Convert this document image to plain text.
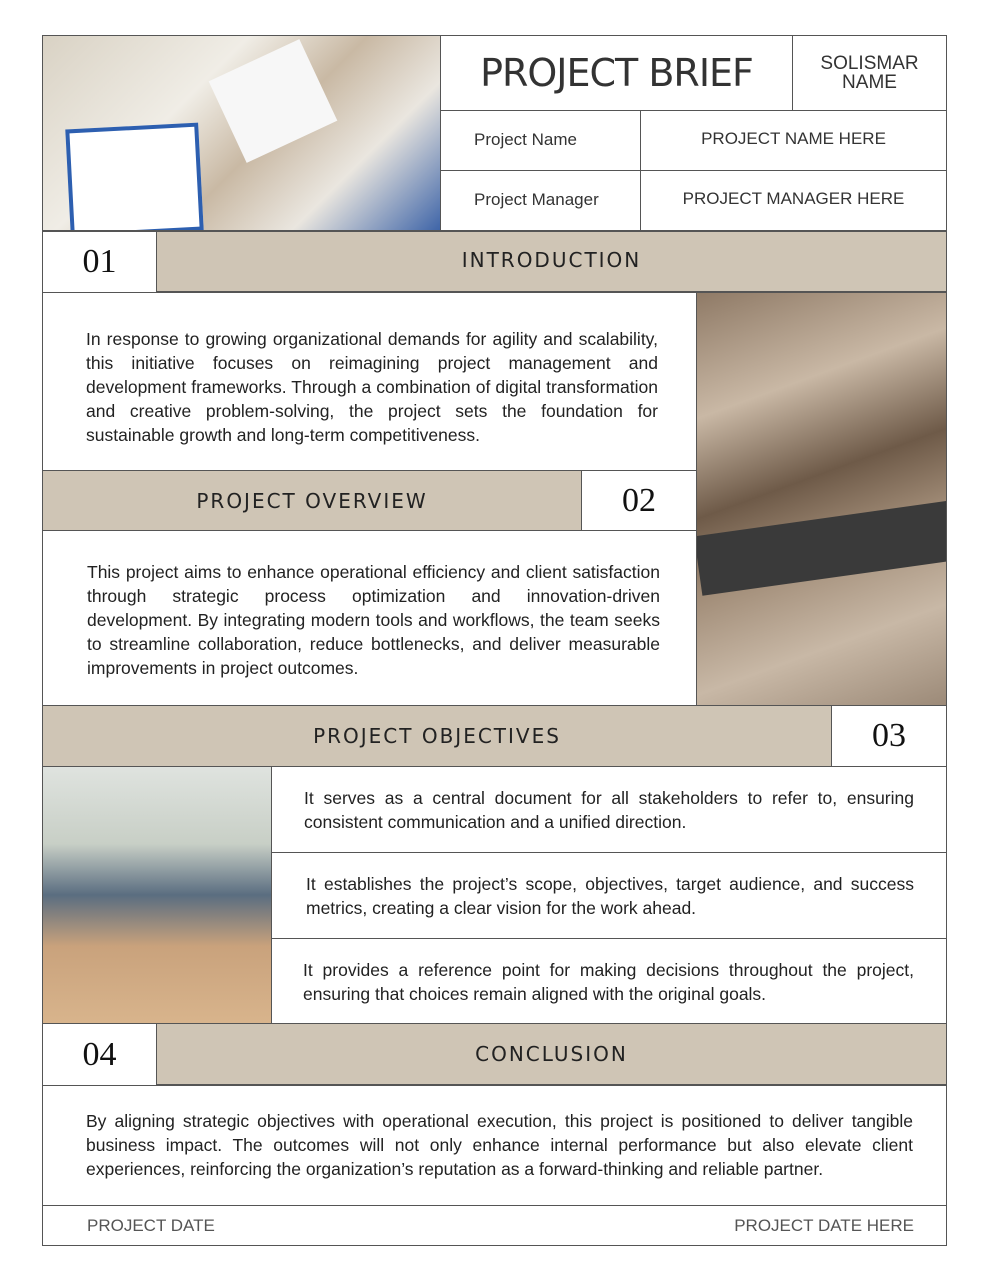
PROJECT BRIEF	SOLISMAR NAME
Project Name	PROJECT NAME HERE
Project Manager	PROJECT MANAGER HERE
01	INTRODUCTION
In response to growing organizational demands for agility and scalability, this initiative focuses on reimagining project management and development frameworks. Through a combination of digital transformation and creative problem-solving, the project sets the foundation for sustainable growth and long-term competitiveness.
PROJECT OVERVIEW	02
This project aims to enhance operational efficiency and client satisfaction through strategic process optimization and innovation-driven development. By integrating modern tools and workflows, the team seeks to streamline collaboration, reduce bottlenecks, and deliver measurable improvements in project outcomes.
PROJECT OBJECTIVES	03
It serves as a central document for all stakeholders to refer to, ensuring consistent communication and a unified direction.
It establishes the project’s scope, objectives, target audience, and success metrics, creating a clear vision for the work ahead.
It provides a reference point for making decisions throughout the project, ensuring that choices remain aligned with the original goals.
04	CONCLUSION
By aligning strategic objectives with operational execution, this project is positioned to deliver tangible business impact. The outcomes will not only enhance internal performance but also elevate client experiences, reinforcing the organization’s reputation as a forward-thinking and reliable partner.
PROJECT DATE	PROJECT DATE HERE
